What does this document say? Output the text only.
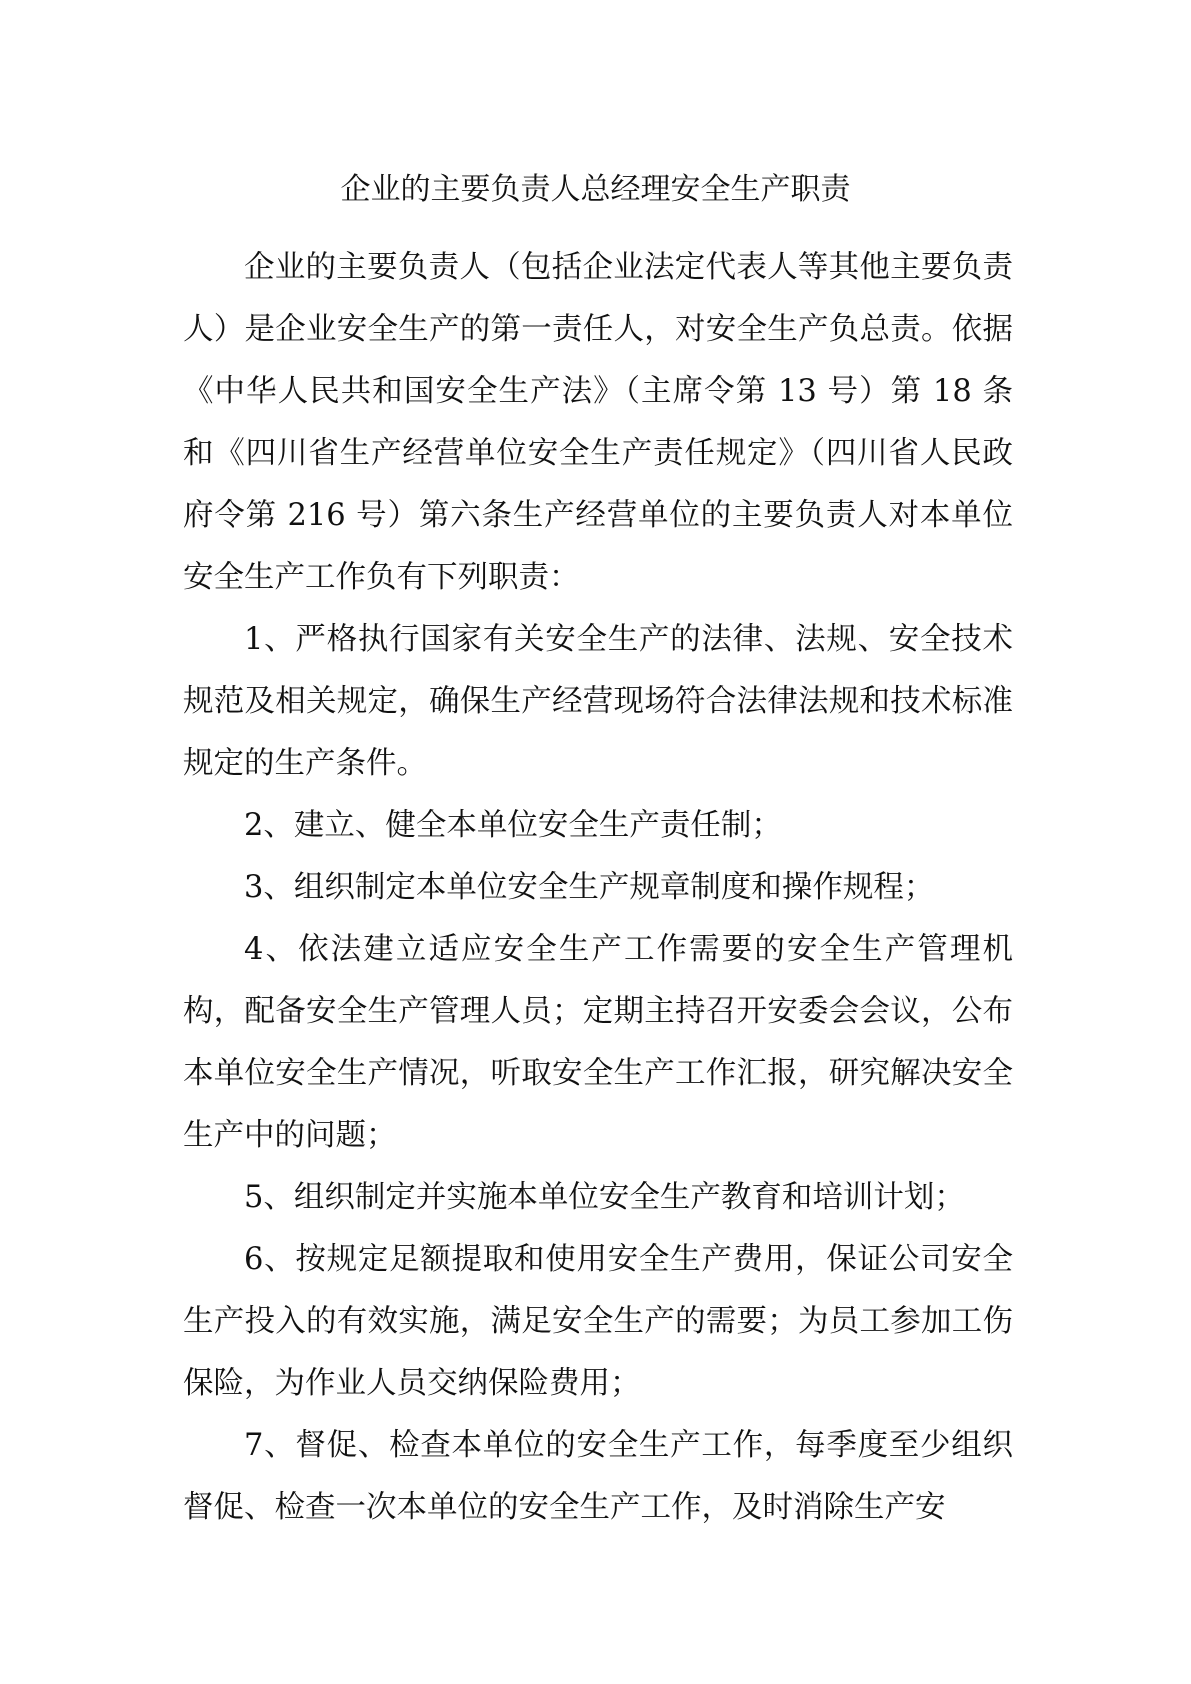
企业的主要负责人总经理安全生产职责

企业的主要负责人（包括企业法定代表人等其他主要负责人）是企业安全生产的第一责任人，对安全生产负总责。依据《中华人民共和国安全生产法》（主席令第 13 号）第 18 条和《四川省生产经营单位安全生产责任规定》（四川省人民政府令第 216 号）第六条生产经营单位的主要负责人对本单位安全生产工作负有下列职责：

1、严格执行国家有关安全生产的法律、法规、安全技术规范及相关规定，确保生产经营现场符合法律法规和技术标准规定的生产条件。

2、建立、健全本单位安全生产责任制；

3、组织制定本单位安全生产规章制度和操作规程；

4、依法建立适应安全生产工作需要的安全生产管理机构，配备安全生产管理人员；定期主持召开安委会会议，公布本单位安全生产情况，听取安全生产工作汇报，研究解决安全生产中的问题；

5、组织制定并实施本单位安全生产教育和培训计划；

6、按规定足额提取和使用安全生产费用，保证公司安全生产投入的有效实施，满足安全生产的需要；为员工参加工伤保险，为作业人员交纳保险费用；

7、督促、检查本单位的安全生产工作，每季度至少组织督促、检查一次本单位的安全生产工作，及时消除生产安
